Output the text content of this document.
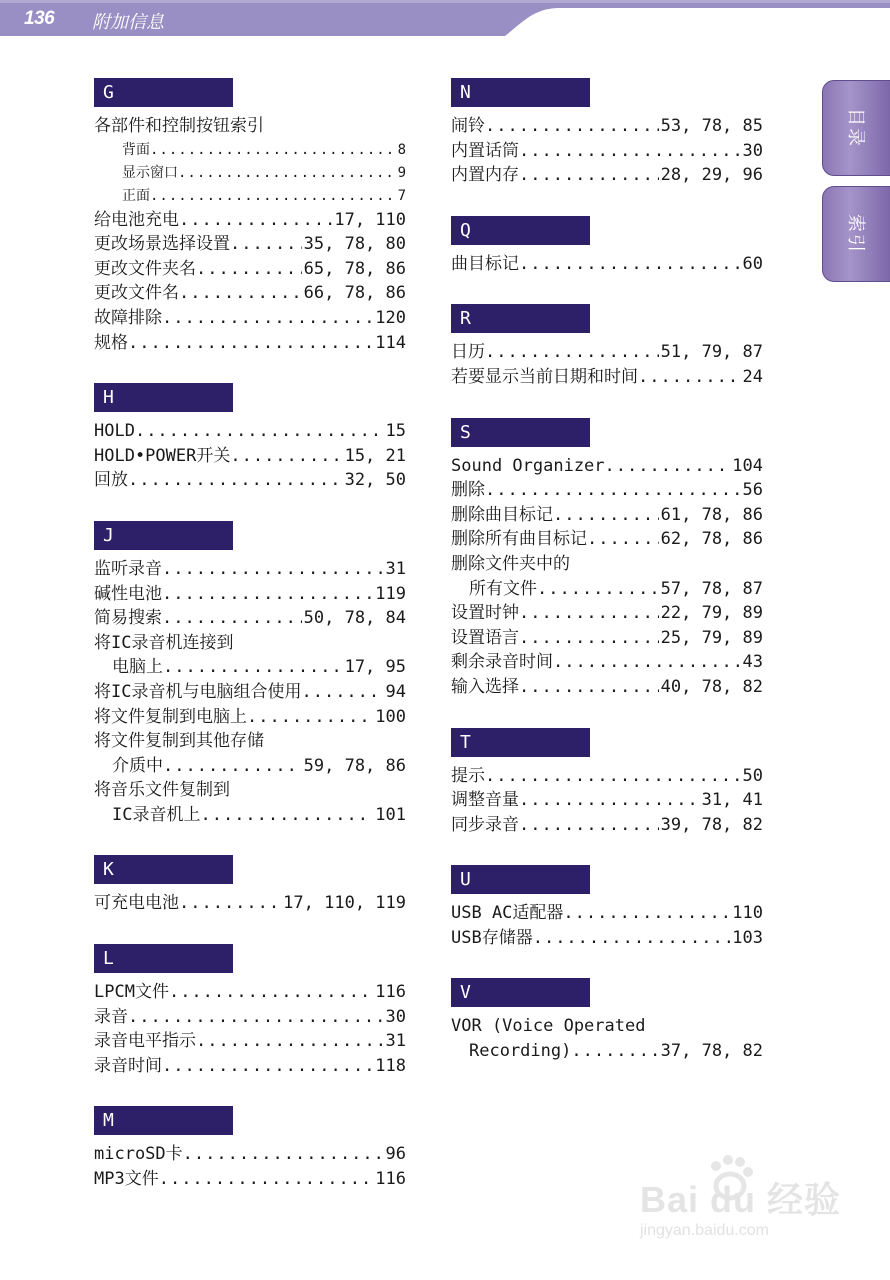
136 附加信息
目录
索引
G
各部件和控制按钮索引
背面 .....	8
显示窗口 .....	9
正面 .....	7
给电池充电 .....	17, 110
更改场景选择设置 .....	35, 78, 80
更改文件夹名 .....	65, 78, 86
更改文件名 .....	66, 78, 86
故障排除 .....	120
规格 .....	114
H
HOLD .....	15
HOLD•POWER开关 .....	15, 21
回放 .....	32, 50
J
监听录音 .....	31
碱性电池 .....	119
简易搜索 .....	50, 78, 84
将IC录音机连接到
电脑上 .....	17, 95
将IC录音机与电脑组合使用 .....	94
将文件复制到电脑上 .....	100
将文件复制到其他存储
介质中 .....	59, 78, 86
将音乐文件复制到
IC录音机上 .....	101
K
可充电电池 .....	17, 110, 119
L
LPCM文件 .....	116
录音 .....	30
录音电平指示 .....	31
录音时间 .....	118
M
microSD卡 .....	96
MP3文件 .....	116
N
闹铃 .....	53, 78, 85
内置话筒 .....	30
内置内存 .....	28, 29, 96
Q
曲目标记 .....	60
R
日历 .....	51, 79, 87
若要显示当前日期和时间 .....	24
S
Sound Organizer .....	104
删除 .....	56
删除曲目标记 .....	61, 78, 86
删除所有曲目标记 .....	62, 78, 86
删除文件夹中的
所有文件 .....	57, 78, 87
设置时钟 .....	22, 79, 89
设置语言 .....	25, 79, 89
剩余录音时间 .....	43
输入选择 .....	40, 78, 82
T
提示 .....	50
调整音量 .....	31, 41
同步录音 .....	39, 78, 82
U
USB AC适配器 .....	110
USB存储器 .....	103
V
VOR (Voice Operated
Recording) .....	37, 78, 82
Bai du 经验
jingyan.baidu.com
